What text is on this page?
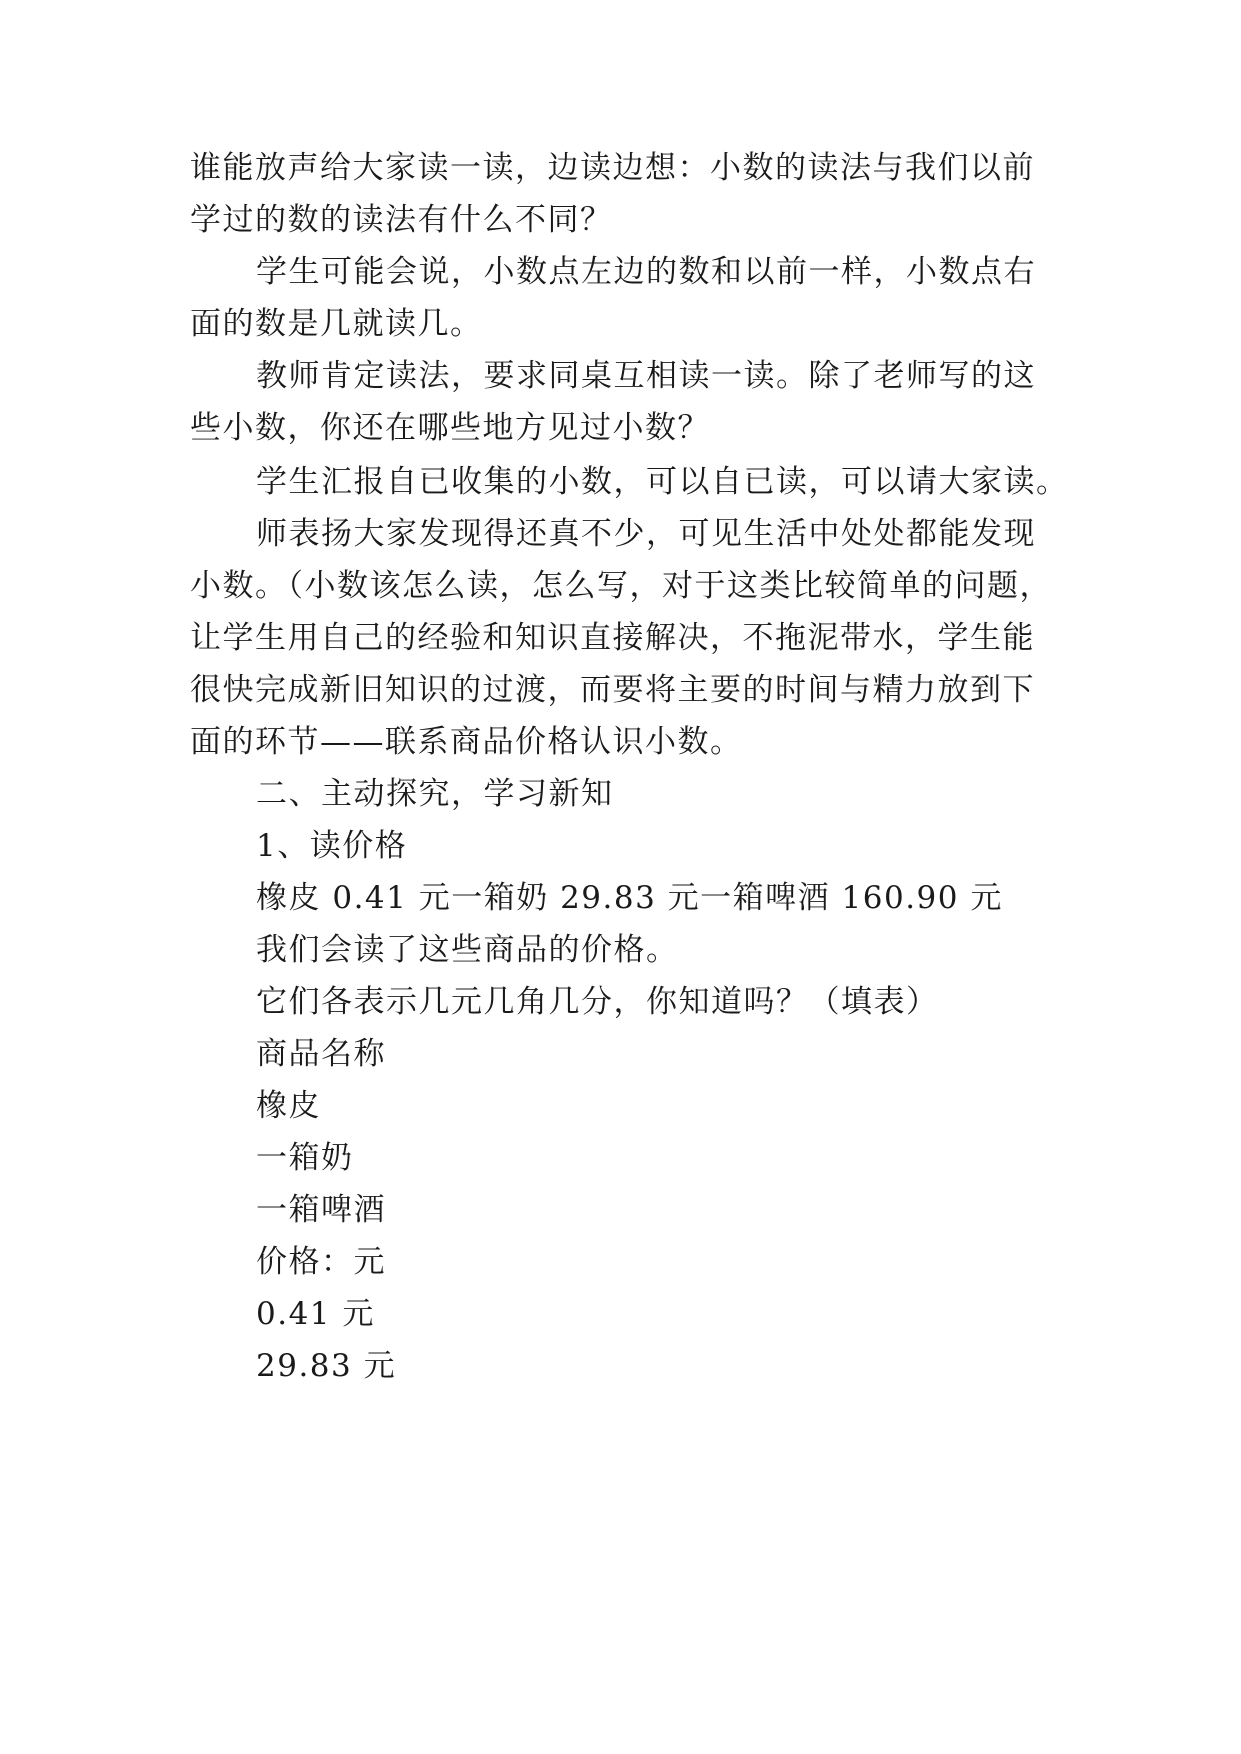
谁能放声给大家读一读，边读边想：小数的读法与我们以前
学过的数的读法有什么不同？
学生可能会说，小数点左边的数和以前一样，小数点右
面的数是几就读几。
教师肯定读法，要求同桌互相读一读。除了老师写的这
些小数，你还在哪些地方见过小数？
学生汇报自已收集的小数，可以自已读，可以请大家读。
师表扬大家发现得还真不少，可见生活中处处都能发现
小数。（小数该怎么读，怎么写，对于这类比较简单的问题，
让学生用自己的经验和知识直接解决，不拖泥带水，学生能
很快完成新旧知识的过渡，而要将主要的时间与精力放到下
面的环节——联系商品价格认识小数。
二、主动探究，学习新知
1、读价格
橡皮 0.41 元一箱奶 29.83 元一箱啤酒 160.90 元
我们会读了这些商品的价格。
它们各表示几元几角几分，你知道吗？（填表）
商品名称
橡皮
一箱奶
一箱啤酒
价格：元
0.41 元
29.83 元
